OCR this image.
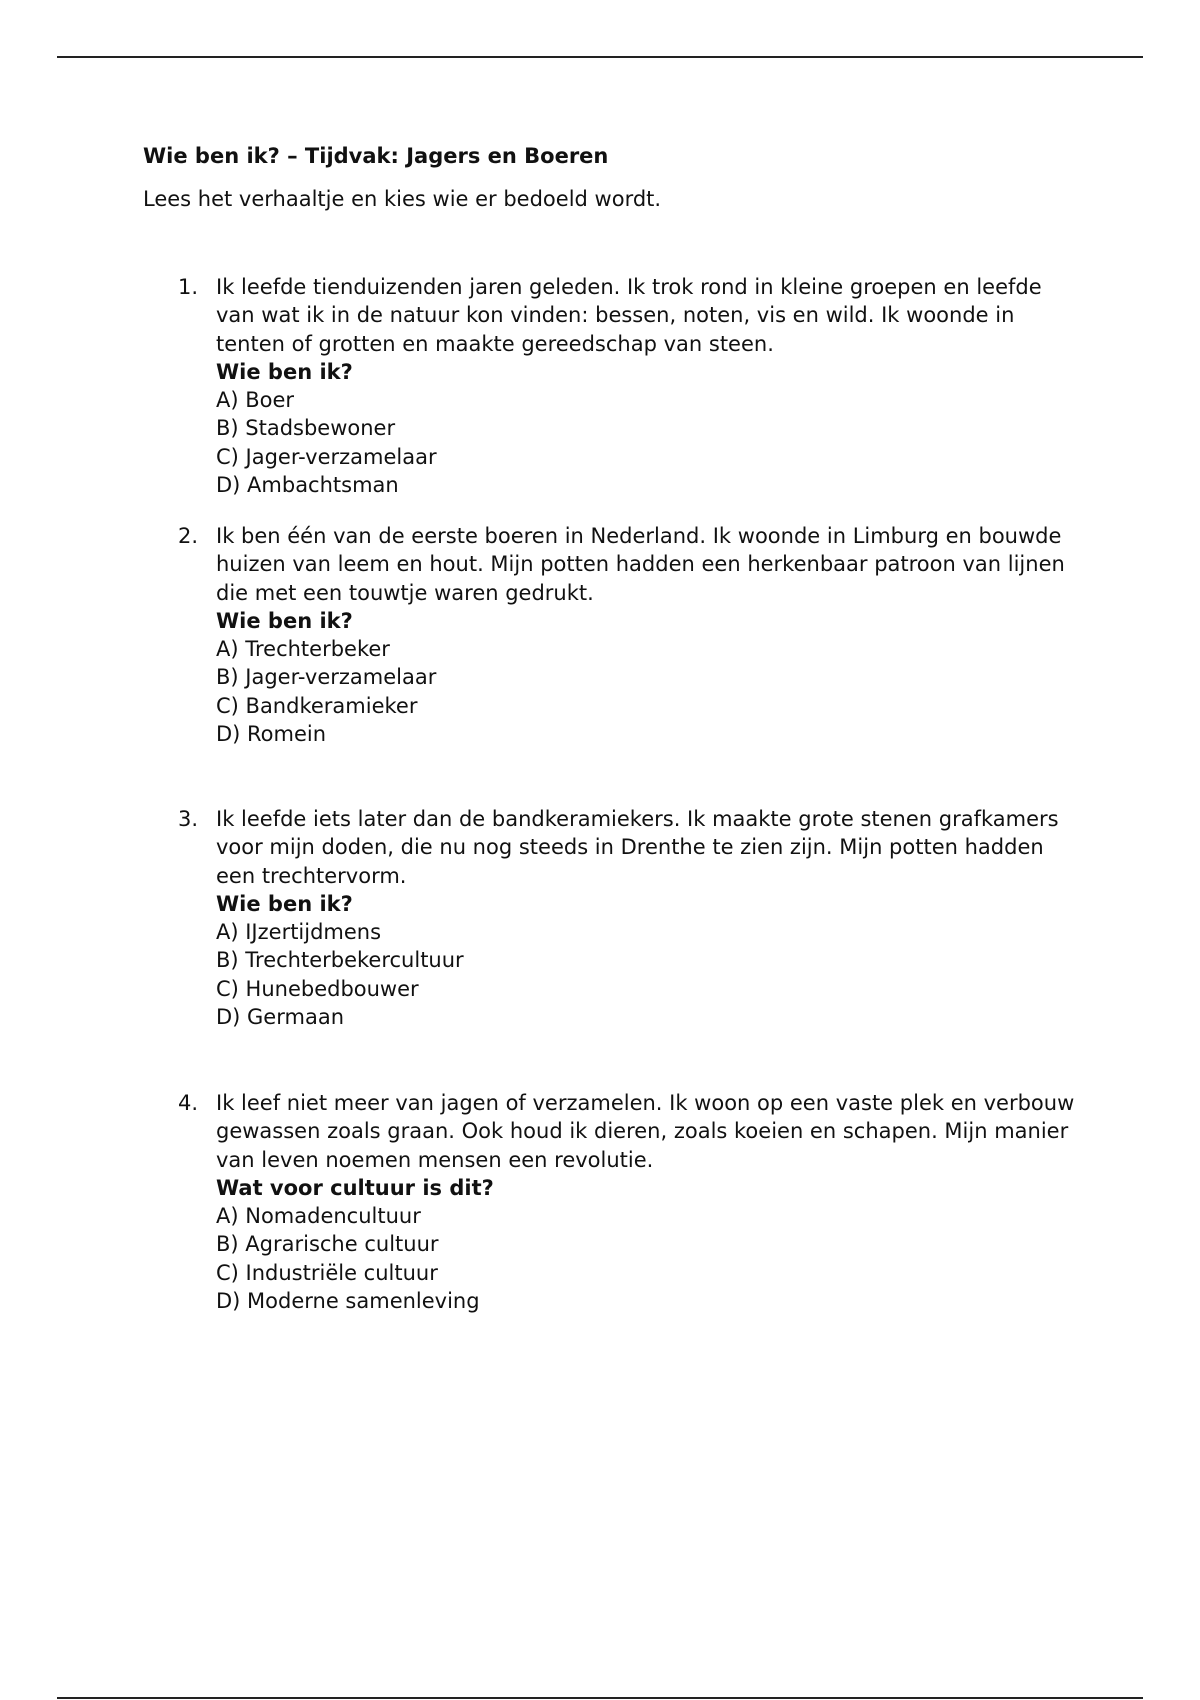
Wie ben ik? – Tijdvak: Jagers en Boeren
Lees het verhaaltje en kies wie er bedoeld wordt.
1. Ik leefde tienduizenden jaren geleden. Ik trok rond in kleine groepen en leefde van wat ik in de natuur kon vinden: bessen, noten, vis en wild. Ik woonde in tenten of grotten en maakte gereedschap van steen.
Wie ben ik?
A) Boer
B) Stadsbewoner
C) Jager-verzamelaar
D) Ambachtsman
2. Ik ben één van de eerste boeren in Nederland. Ik woonde in Limburg en bouwde huizen van leem en hout. Mijn potten hadden een herkenbaar patroon van lijnen die met een touwtje waren gedrukt.
Wie ben ik?
A) Trechterbeker
B) Jager-verzamelaar
C) Bandkeramieker
D) Romein
3. Ik leefde iets later dan de bandkeramiekers. Ik maakte grote stenen grafkamers voor mijn doden, die nu nog steeds in Drenthe te zien zijn. Mijn potten hadden een trechtervorm.
Wie ben ik?
A) IJzertijdmens
B) Trechterbekercultuur
C) Hunebedbouwer
D) Germaan
4. Ik leef niet meer van jagen of verzamelen. Ik woon op een vaste plek en verbouw gewassen zoals graan. Ook houd ik dieren, zoals koeien en schapen. Mijn manier van leven noemen mensen een revolutie.
Wat voor cultuur is dit?
A) Nomadencultuur
B) Agrarische cultuur
C) Industriële cultuur
D) Moderne samenleving
